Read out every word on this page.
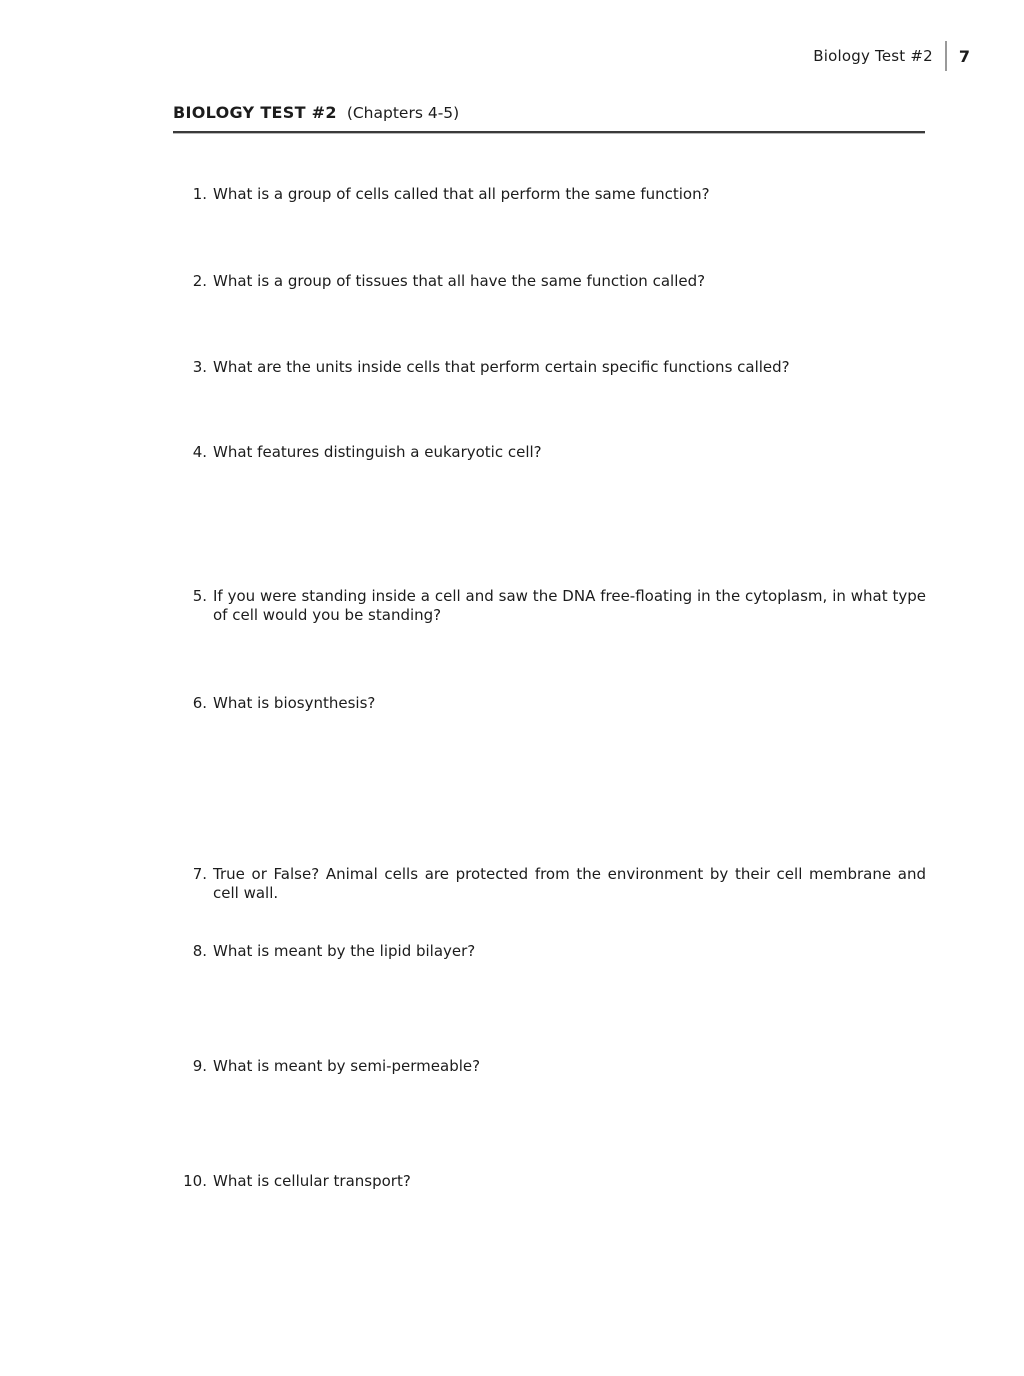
Biology Test #2 7
BIOLOGY TEST #2 (Chapters 4-5)
1. What is a group of cells called that all perform the same function?
2. What is a group of tissues that all have the same function called?
3. What are the units inside cells that perform certain specific functions called?
4. What features distinguish a eukaryotic cell?
5. If you were standing inside a cell and saw the DNA free-floating in the cytoplasm, in what type of cell would you be standing?
6. What is biosynthesis?
7. True or False? Animal cells are protected from the environment by their cell membrane and cell wall.
8. What is meant by the lipid bilayer?
9. What is meant by semi-permeable?
10. What is cellular transport?
